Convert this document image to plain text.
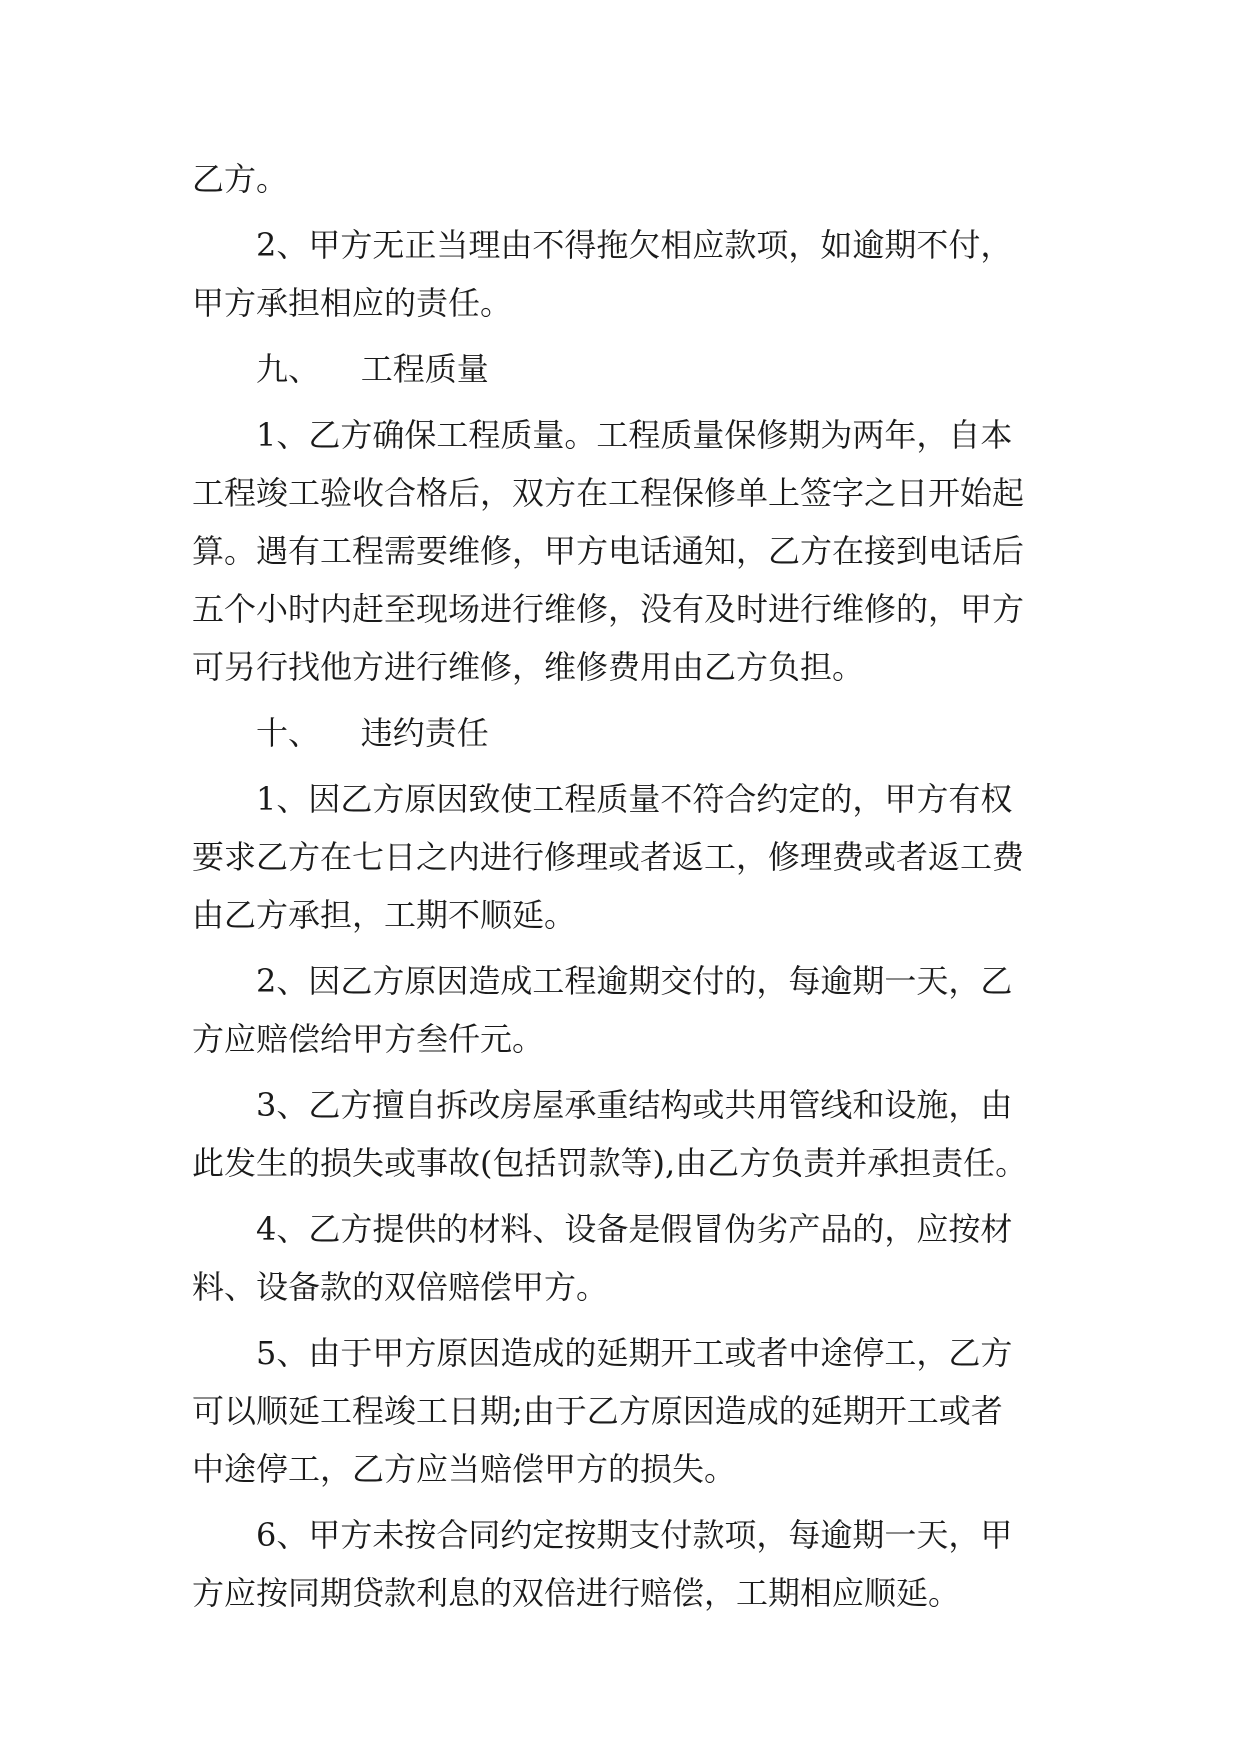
乙方。
2、甲方无正当理由不得拖欠相应款项，如逾期不付，
甲方承担相应的责任。
九、    工程质量
1、乙方确保工程质量。工程质量保修期为两年，自本
工程竣工验收合格后，双方在工程保修单上签字之日开始起
算。遇有工程需要维修，甲方电话通知，乙方在接到电话后
五个小时内赶至现场进行维修，没有及时进行维修的，甲方
可另行找他方进行维修，维修费用由乙方负担。
十、    违约责任
1、因乙方原因致使工程质量不符合约定的，甲方有权
要求乙方在七日之内进行修理或者返工，修理费或者返工费
由乙方承担，工期不顺延。
2、因乙方原因造成工程逾期交付的，每逾期一天，乙
方应赔偿给甲方叁仟元。
3、乙方擅自拆改房屋承重结构或共用管线和设施，由
此发生的损失或事故(包括罚款等),由乙方负责并承担责任。
4、乙方提供的材料、设备是假冒伪劣产品的，应按材
料、设备款的双倍赔偿甲方。
5、由于甲方原因造成的延期开工或者中途停工，乙方
可以顺延工程竣工日期;由于乙方原因造成的延期开工或者
中途停工，乙方应当赔偿甲方的损失。
6、甲方未按合同约定按期支付款项，每逾期一天，甲
方应按同期贷款利息的双倍进行赔偿，工期相应顺延。
